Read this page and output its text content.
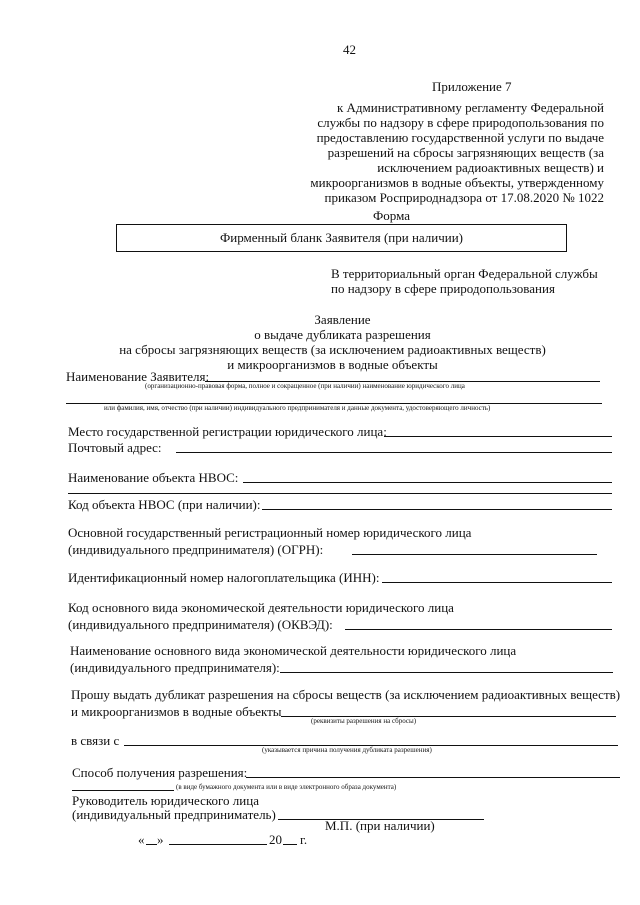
42
Приложение 7
к Административному регламенту Федеральной
службы по надзору в сфере природопользования по
предоставлению государственной услуги по выдаче
разрешений на сбросы загрязняющих веществ (за
исключением радиоактивных веществ) и
микроорганизмов в водные объекты, утвержденному
приказом Росприроднадзора от 17.08.2020 № 1022
Форма
Фирменный бланк Заявителя (при наличии)
В территориальный орган Федеральной службы
по надзору в сфере природопользования
Заявление
о выдаче дубликата разрешения
на сбросы загрязняющих веществ (за исключением радиоактивных веществ)
и микроорганизмов в водные объекты
Наименование Заявителя:
(организационно-правовая форма, полное и сокращенное (при наличии) наименование юридического лица
или фамилия, имя, отчество (при наличии) индивидуального предпринимателя и данные документа, удостоверяющего личность)
Место государственной регистрации юридического лица:
Почтовый адрес:
Наименование объекта НВОС:
Код объекта НВОС (при наличии):
Основной государственный регистрационный номер юридического лица
(индивидуального предпринимателя) (ОГРН):
Идентификационный номер налогоплательщика (ИНН):
Код основного вида экономической деятельности юридического лица
(индивидуального предпринимателя) (ОКВЭД):
Наименование основного вида экономической деятельности юридического лица
(индивидуального предпринимателя):
Прошу выдать дубликат разрешения на сбросы веществ (за исключением радиоактивных веществ)
и микроорганизмов в водные объекты
(реквизиты разрешения на сбросы)
в связи с
(указывается причина получения дубликата разрешения)
Способ получения разрешения:
(в виде бумажного документа или в виде электронного образа документа)
Руководитель юридического лица
(индивидуальный предприниматель)
М.П. (при наличии)
« »	20 г.
